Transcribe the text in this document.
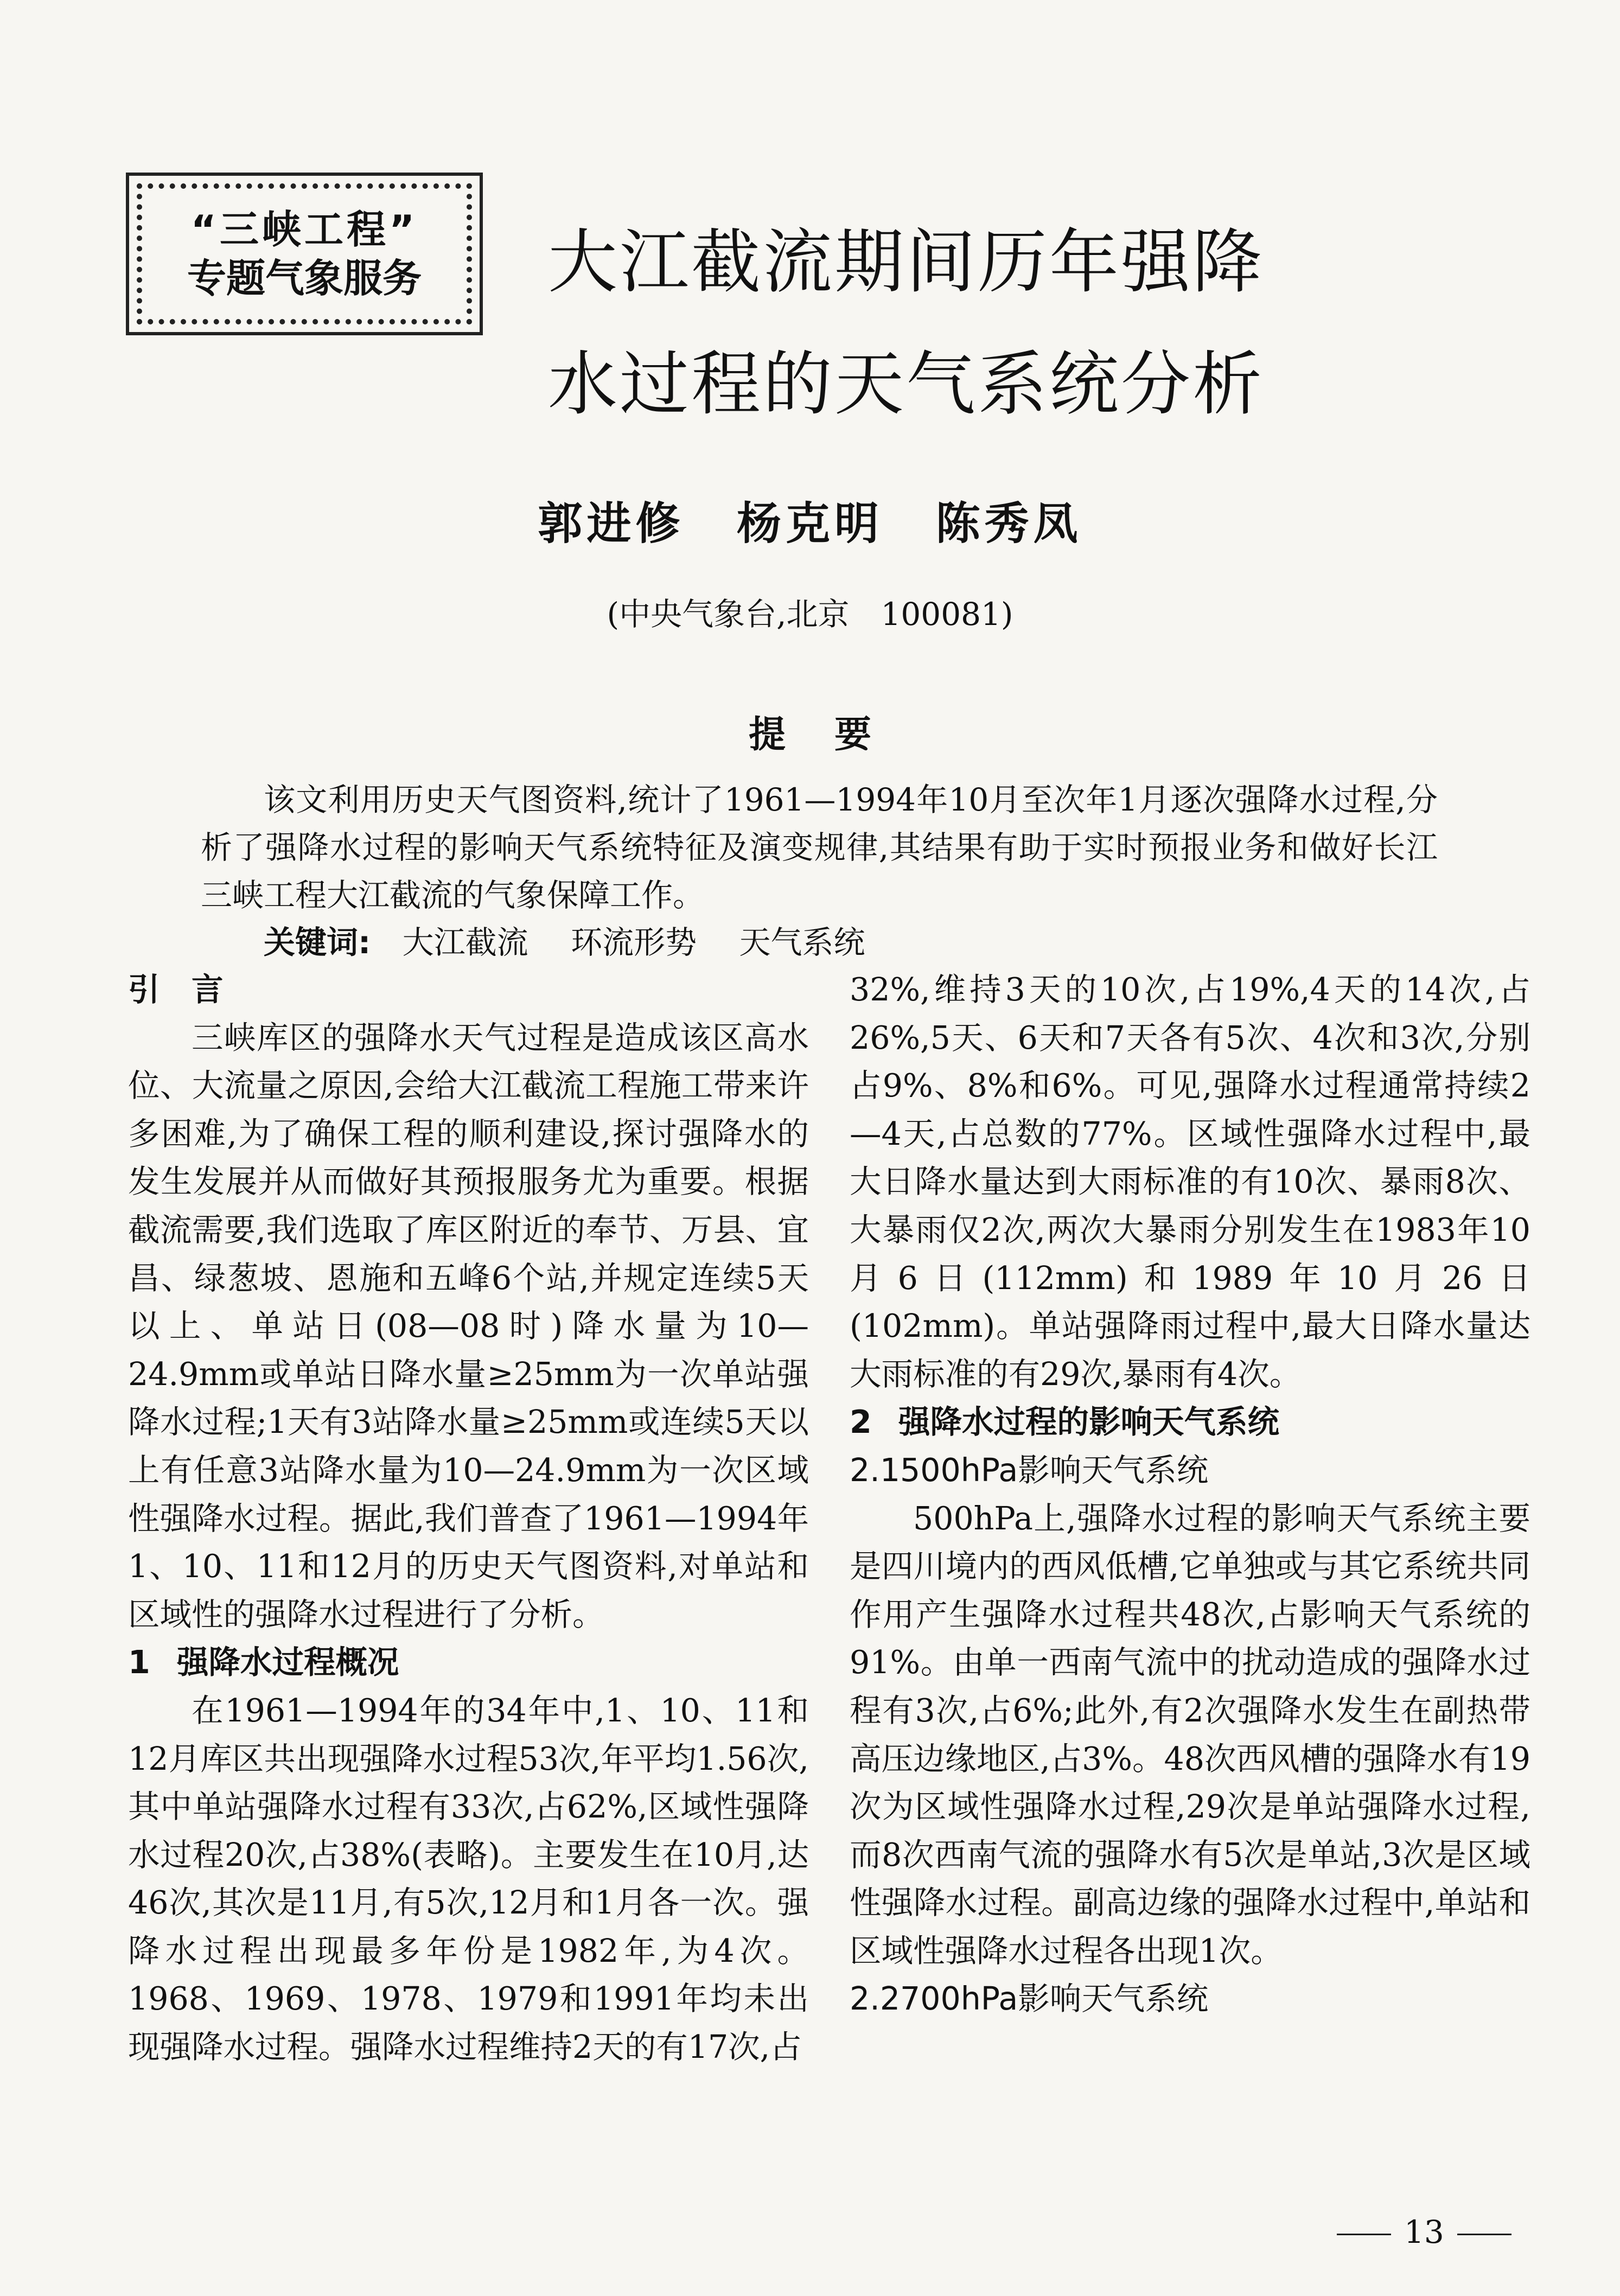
“三峡工程”
专题气象服务 大江截流期间历年强降
水过程的天气系统分析
郭进修 杨克明 陈秀凤
(中央气象台,北京　100081)
提要

该文利用历史天气图资料,统计了1961—1994年10月至次年1月逐次强降水过程,分析了强降水过程的影响天气系统特征及演变规律,其结果有助于实时预报业务和做好长江三峡工程大江截流的气象保障工作。

关键词: 大江截流 环流形势 天气系统
引　言

三峡库区的强降水天气过程是造成该区高水位、大流量之原因,会给大江截流工程施工带来许多困难,为了确保工程的顺利建设,探讨强降水的发生发展并从而做好其预报服务尤为重要。根据截流需要,我们选取了库区附近的奉节、万县、宜昌、绿葱坡、恩施和五峰6个站,并规定连续5天以上、单站日(08—08时)降水量为10—24.9mm或单站日降水量≥25mm为一次单站强降水过程;1天有3站降水量≥25mm或连续5天以上有任意3站降水量为10—24.9mm为一次区域性强降水过程。据此,我们普查了1961—1994年1、10、11和12月的历史天气图资料,对单站和区域性的强降水过程进行了分析。

1 强降水过程概况

在1961—1994年的34年中,1、10、11和12月库区共出现强降水过程53次,年平均1.56次,其中单站强降水过程有33次,占62%,区域性强降水过程20次,占38%(表略)。主要发生在10月,达46次,其次是11月,有5次,12月和1月各一次。强降水过程出现最多年份是1982年,为4次。1968、1969、1978、1979和1991年均未出现强降水过程。强降水过程维持2天的有17次,占

32%,维持3天的10次,占19%,4天的14次,占26%,5天、6天和7天各有5次、4次和3次,分别占9%、8%和6%。可见,强降水过程通常持续2—4天,占总数的77%。区域性强降水过程中,最大日降水量达到大雨标准的有10次、暴雨8次、大暴雨仅2次,两次大暴雨分别发生在1983年10月6日(112mm)和1989年10月26日(102mm)。单站强降雨过程中,最大日降水量达大雨标准的有29次,暴雨有4次。

2 强降水过程的影响天气系统
2.1500hPa影响天气系统

500hPa上,强降水过程的影响天气系统主要是四川境内的西风低槽,它单独或与其它系统共同作用产生强降水过程共48次,占影响天气系统的91%。由单一西南气流中的扰动造成的强降水过程有3次,占6%;此外,有2次强降水发生在副热带高压边缘地区,占3%。48次西风槽的强降水有19次为区域性强降水过程,29次是单站强降水过程,而8次西南气流的强降水有5次是单站,3次是区域性强降水过程。副高边缘的强降水过程中,单站和区域性强降水过程各出现1次。

2.2700hPa影响天气系统
13
